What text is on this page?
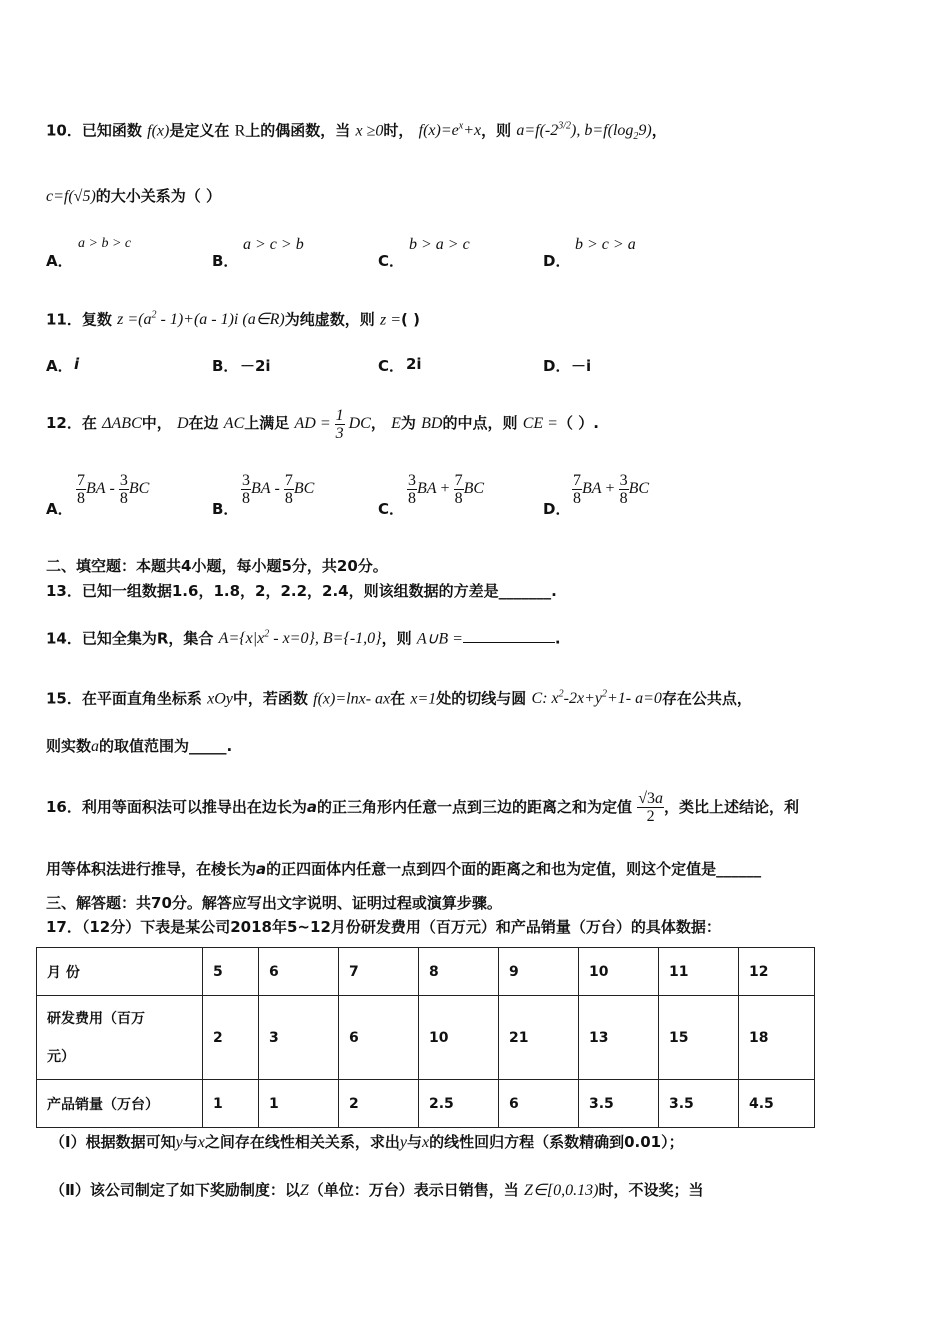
10．已知函数 f(x)是定义在 R上的偶函数，当 x ≥0时， $f(x)=e^x+x$，则 $a=f(-2^{3/2})$, $b=f(\log_29)$，
c=f(√5)的大小关系为（ ）
A．
a > b > c
B．
a > c > b
C．
b > a > c
D．
b > c > a
11．复数 $z =(a^2 - 1)+(a - 1)i$ (a∈R)为纯虚数，则 z =( )
A． i	B． －2i	C． 2i	D． －i
12．在 ΔABC中， D在边 AC上满足 AD = $\frac{1}{3}$ DC， E为 BD的中点，则 CE =（ ）.
A．
$\frac{7}{8}$ BA - $\frac{3}{8}$ BC
B．
$\frac{3}{8}$ BA - $\frac{7}{8}$ BC
C．
$\frac{3}{8}$ BA + $\frac{7}{8}$ BC
D．
$\frac{7}{8}$ BA + $\frac{3}{8}$ BC
二、填空题：本题共4小题，每小题5分，共20分。
13．已知一组数据1.6，1.8，2，2.2，2.4，则该组数据的方差是_______.
14．已知全集为R，集合 $A=\{x|x^2 - x=0\}$, B={-1,0}，则 A∪B =	.
15．在平面直角坐标系 xOy中，若函数 f(x)=lnx- ax在 x=1处的切线与圆 C: $x^2-2x+y^2+1-$ a=0存在公共点，
则实数a的取值范围为_____.
16．利用等面积法可以推导出在边长为a的正三角形内任意一点到三边的距离之和为定值 $\frac{√3a}{2}$ ，类比上述结论，利
用等体积法进行推导，在棱长为a的正四面体内任意一点到四个面的距离之和也为定值，则这个定值是______
三、解答题：共70分。解答应写出文字说明、证明过程或演算步骤。
17．（12分）下表是某公司2018年5~12月份研发费用（百万元）和产品销量（万台）的具体数据：
月 份	5	6	7	8	9	10	11	12
研发费用（百万
元）	2	3	6	10	21	13	15	18
产品销量（万台）	1	1	2	2.5	6	3.5	3.5	4.5
（Ⅰ）根据数据可知y与x之间存在线性相关关系，求出y与x的线性回归方程（系数精确到0.01）；
（Ⅱ）该公司制定了如下奖励制度：以Z（单位：万台）表示日销售，当 Z∈[0,0.13)时，不设奖；当
